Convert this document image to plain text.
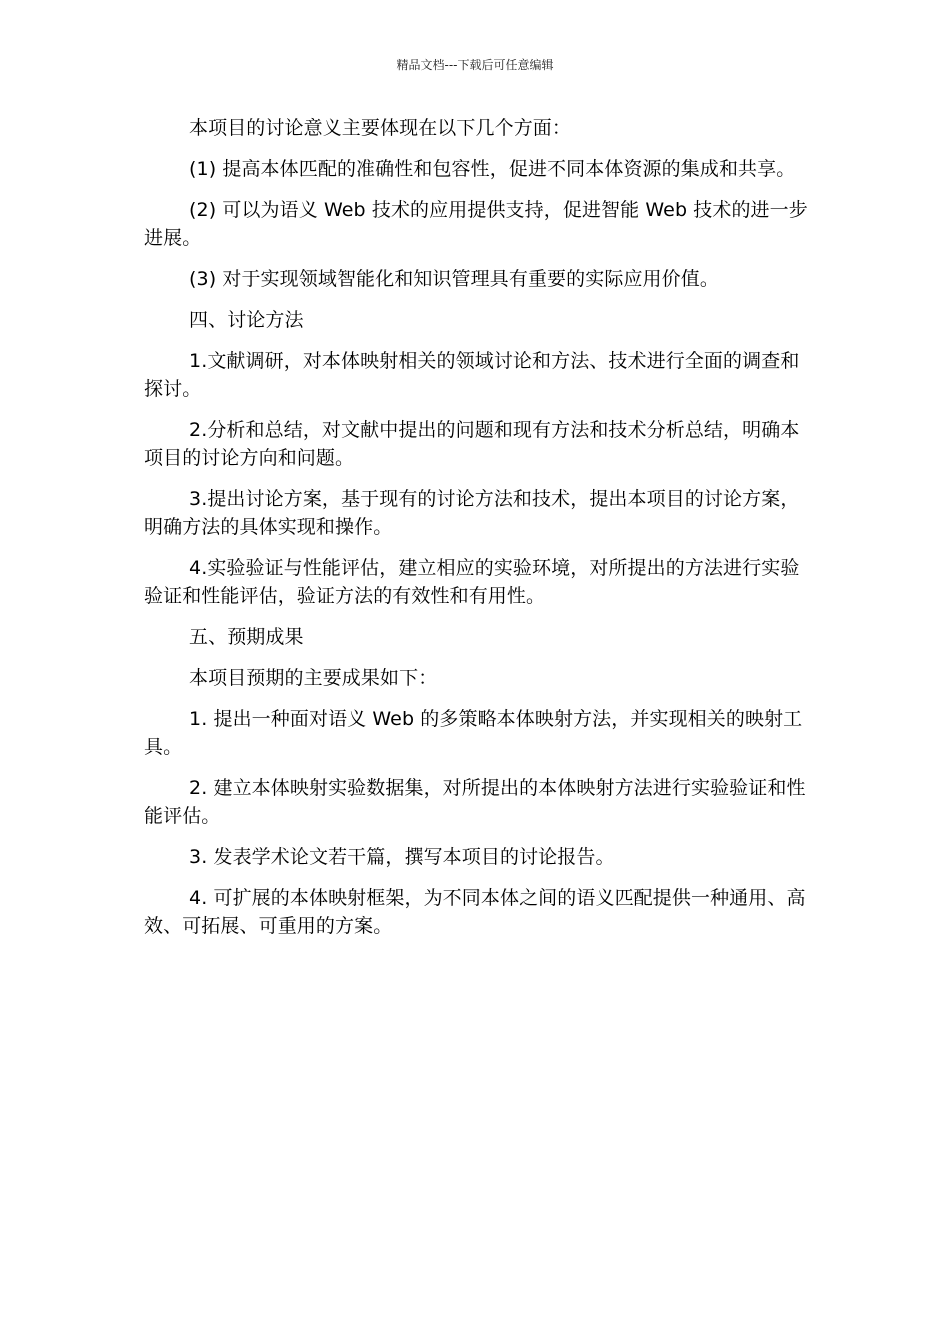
精品文档---下载后可任意编辑

本项目的讨论意义主要体现在以下几个方面：

(1) 提高本体匹配的准确性和包容性，促进不同本体资源的集成和共享。

(2) 可以为语义 Web 技术的应用提供支持，促进智能 Web 技术的进一步进展。

(3) 对于实现领域智能化和知识管理具有重要的实际应用价值。

四、讨论方法

1.文献调研，对本体映射相关的领域讨论和方法、技术进行全面的调查和探讨。

2.分析和总结，对文献中提出的问题和现有方法和技术分析总结，明确本项目的讨论方向和问题。

3.提出讨论方案，基于现有的讨论方法和技术，提出本项目的讨论方案，明确方法的具体实现和操作。

4.实验验证与性能评估，建立相应的实验环境，对所提出的方法进行实验验证和性能评估，验证方法的有效性和有用性。

五、预期成果

本项目预期的主要成果如下：

1. 提出一种面对语义 Web 的多策略本体映射方法，并实现相关的映射工具。

2. 建立本体映射实验数据集，对所提出的本体映射方法进行实验验证和性能评估。

3. 发表学术论文若干篇，撰写本项目的讨论报告。

4. 可扩展的本体映射框架，为不同本体之间的语义匹配提供一种通用、高效、可拓展、可重用的方案。
